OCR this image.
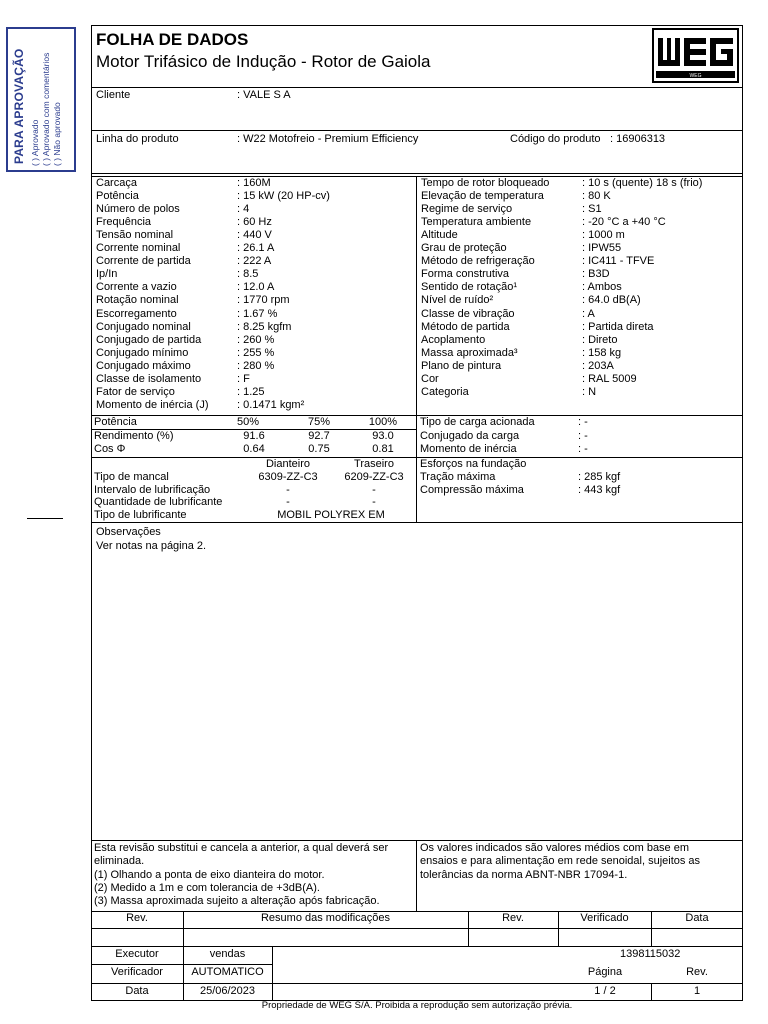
PARA APROVAÇÃO ( ) Aprovado ( ) Aprovado com comentários ( ) Não aprovado
FOLHA DE DADOS
Motor Trifásico de Indução - Rotor de Gaiola
WEG
Cliente	: VALE S A
Linha do produto	: W22 Motofreio - Premium Efficiency	Código do produto : 16906313
Carcaça	: 160M
Potência	: 15 kW (20 HP-cv)
Número de polos	: 4
Frequência	: 60 Hz
Tensão nominal	: 440 V
Corrente nominal	: 26.1 A
Corrente de partida	: 222 A
Ip/In	: 8.5
Corrente a vazio	: 12.0 A
Rotação nominal	: 1770 rpm
Escorregamento	: 1.67 %
Conjugado nominal	: 8.25 kgfm
Conjugado de partida	: 260 %
Conjugado mínimo	: 255 %
Conjugado máximo	: 280 %
Classe de isolamento	: F
Fator de serviço	: 1.25
Momento de inércia (J)	: 0.1471 kgm²
Tempo de rotor bloqueado	: 10 s (quente) 18 s (frio)
Elevação de temperatura	: 80 K
Regime de serviço	: S1
Temperatura ambiente	: -20 °C a +40 °C
Altitude	: 1000 m
Grau de proteção	: IPW55
Método de refrigeração	: IC411 - TFVE
Forma construtiva	: B3D
Sentido de rotação¹	: Ambos
Nível de ruído²	: 64.0 dB(A)
Classe de vibração	: A
Método de partida	: Partida direta
Acoplamento	: Direto
Massa aproximada³	: 158 kg
Plano de pintura	: 203A
Cor	: RAL 5009
Categoria	: N
Potência	50%	75%	100%
Rendimento (%)	91.6	92.7	93.0
Cos Φ	0.64	0.75	0.81
Tipo de carga acionada	: -
Conjugado da carga	: -
Momento de inércia	: -
Dianteiro	Traseiro
Tipo de mancal	6309-ZZ-C3	6209-ZZ-C3
Intervalo de lubrificação	-	-
Quantidade de lubrificante	-	-
Tipo de lubrificante	MOBIL POLYREX EM
Esforços na fundação
Tração máxima	: 285 kgf
Compressão máxima	: 443 kgf
Observações
Ver notas na página 2.
Esta revisão substitui e cancela a anterior, a qual deverá ser
eliminada.
(1) Olhando a ponta de eixo dianteira do motor.
(2) Medido a 1m e com tolerancia de +3dB(A).
(3) Massa aproximada sujeito a alteração após fabricação.
Os valores indicados são valores médios com base em
ensaios e para alimentação em rede senoidal, sujeitos as
tolerâncias da norma ABNT-NBR 17094-1.
Rev.	Resumo das modificações	Rev.	Verificado	Data
Executor	vendas
Verificador	AUTOMATICO
Data	25/06/2023
1398115032
Página	Rev.
1 / 2	1
Propriedade de WEG S/A. Proibida a reprodução sem autorização prévia.
